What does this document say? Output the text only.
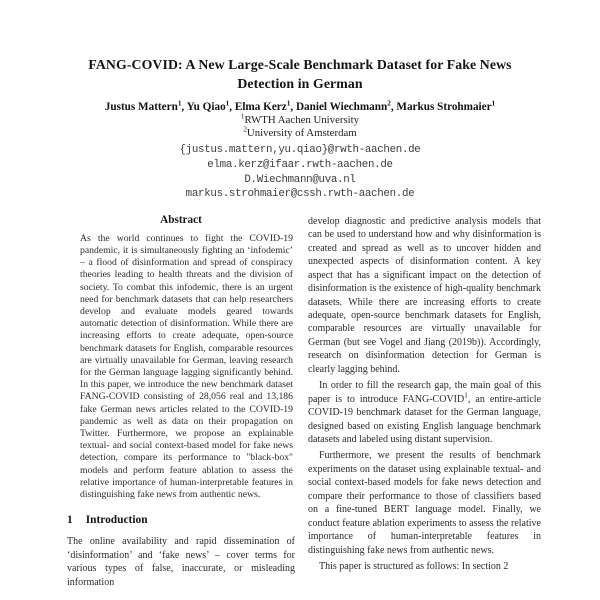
FANG-COVID: A New Large-Scale Benchmark Dataset for Fake News Detection in German
Justus Mattern$^1$, Yu Qiao$^1$, Elma Kerz$^1$, Daniel Wiechmann$^2$, Markus Strohmaier$^1$
$^1$RWTH Aachen University
$^2$University of Amsterdam
{justus.mattern,yu.qiao}@rwth-aachen.de
elma.kerz@ifaar.rwth-aachen.de
D.Wiechmann@uva.nl
markus.strohmaier@cssh.rwth-aachen.de
Abstract

As the world continues to fight the COVID-19 pandemic, it is simultaneously fighting an ‘infodemic’ – a flood of disinformation and spread of conspiracy theories leading to health threats and the division of society. To combat this infodemic, there is an urgent need for benchmark datasets that can help researchers develop and evaluate models geared towards automatic detection of disinformation. While there are increasing efforts to create adequate, open-source benchmark datasets for English, comparable resources are virtually unavailable for German, leaving research for the German language lagging significantly behind. In this paper, we introduce the new benchmark dataset FANG-COVID consisting of 28,056 real and 13,186 fake German news articles related to the COVID-19 pandemic as well as data on their propagation on Twitter. Furthermore, we propose an explainable textual- and social context-based model for fake news detection, compare its performance to "black-box" models and perform feature ablation to assess the relative importance of human-interpretable features in distinguishing fake news from authentic news.

1 Introduction

The online availability and rapid dissemination of ‘disinformation’ and ‘fake news’ – cover terms for various types of false, inaccurate, or misleading information

develop diagnostic and predictive analysis models that can be used to understand how and why disinformation is created and spread as well as to uncover hidden and unexpected aspects of disinformation content. A key aspect that has a significant impact on the detection of disinformation is the existence of high-quality benchmark datasets. While there are increasing efforts to create adequate, open-source benchmark datasets for English, comparable resources are virtually unavailable for German (but see Vogel and Jiang (2019b)). Accordingly, research on disinformation detection for German is clearly lagging behind.

In order to fill the research gap, the main goal of this paper is to introduce FANG-COVID$^1$, an entire-article COVID-19 benchmark dataset for the German language, designed based on existing English language benchmark datasets and labeled using distant supervision.

Furthermore, we present the results of benchmark experiments on the dataset using explainable textual- and social context-based models for fake news detection and compare their performance to those of classifiers based on a fine-tuned BERT language model. Finally, we conduct feature ablation experiments to assess the relative importance of human-interpretable features in distinguishing fake news from authentic news.

This paper is structured as follows: In section 2
